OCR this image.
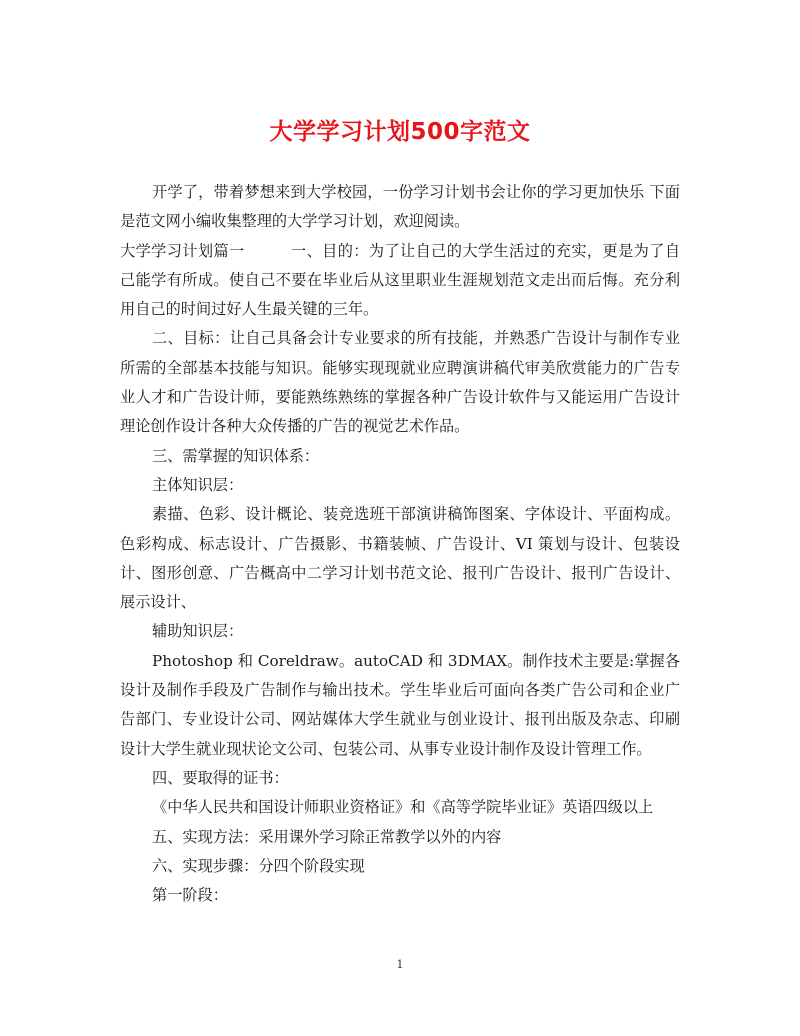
大学学习计划500字范文

开学了，带着梦想来到大学校园，一份学习计划书会让你的学习更加快乐 下面是范文网小编收集整理的大学学习计划，欢迎阅读。

大学学习计划篇一	一、目的：为了让自己的大学生活过的充实，更是为了自己能学有所成。使自己不要在毕业后从这里职业生涯规划范文走出而后悔。充分利用自己的时间过好人生最关键的三年。

二、目标：让自己具备会计专业要求的所有技能，并熟悉广告设计与制作专业所需的全部基本技能与知识。能够实现现就业应聘演讲稿代审美欣赏能力的广告专业人才和广告设计师，要能熟练熟练的掌握各种广告设计软件与又能运用广告设计理论创作设计各种大众传播的广告的视觉艺术作品。

三、需掌握的知识体系：

主体知识层：

素描、色彩、设计概论、装竞选班干部演讲稿饰图案、字体设计、平面构成。色彩构成、标志设计、广告摄影、书籍装帧、广告设计、VI 策划与设计、包装设计、图形创意、广告概高中二学习计划书范文论、报刊广告设计、报刊广告设计、展示设计、

辅助知识层：

Photoshop 和 Coreldraw。autoCAD 和 3DMAX。制作技术主要是:掌握各设计及制作手段及广告制作与输出技术。学生毕业后可面向各类广告公司和企业广告部门、专业设计公司、网站媒体大学生就业与创业设计、报刊出版及杂志、印刷设计大学生就业现状论文公司、包装公司、从事专业设计制作及设计管理工作。

四、要取得的证书：

《中华人民共和国设计师职业资格证》和《高等学院毕业证》英语四级以上

五、实现方法：采用课外学习除正常教学以外的内容

六、实现步骤：分四个阶段实现

第一阶段：

1
